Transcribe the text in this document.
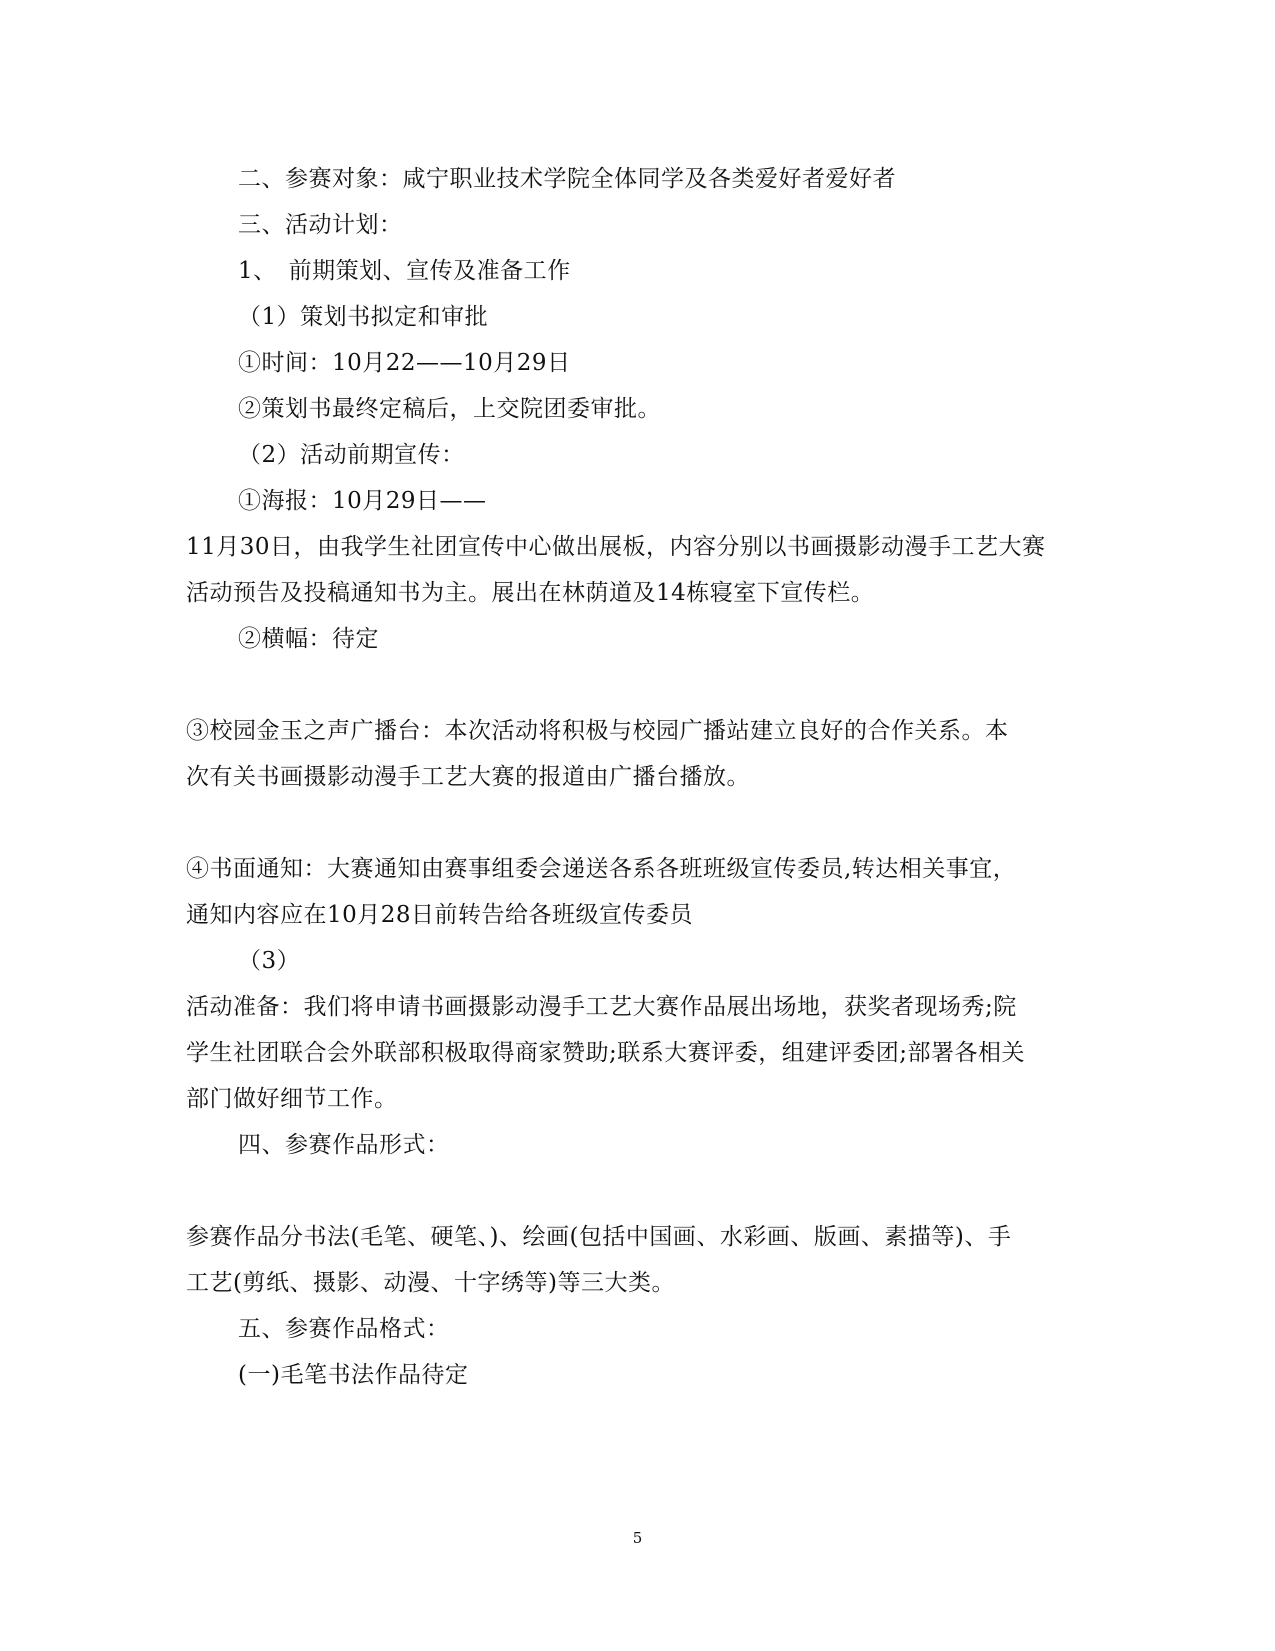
二、参赛对象：咸宁职业技术学院全体同学及各类爱好者爱好者
三、活动计划：
1、　前期策划、宣传及准备工作
（1）策划书拟定和审批
①时间：10月22——10月29日
②策划书最终定稿后，上交院团委审批。
（2）活动前期宣传：
①海报：10月29日——
11月30日，由我学生社团宣传中心做出展板，内容分别以书画摄影动漫手工艺大赛
活动预告及投稿通知书为主。展出在林荫道及14栋寝室下宣传栏。
②横幅：待定
③校园金玉之声广播台：本次活动将积极与校园广播站建立良好的合作关系。本
次有关书画摄影动漫手工艺大赛的报道由广播台播放。
④书面通知：大赛通知由赛事组委会递送各系各班班级宣传委员,转达相关事宜，
通知内容应在10月28日前转告给各班级宣传委员
（3）
活动准备：我们将申请书画摄影动漫手工艺大赛作品展出场地，获奖者现场秀;院
学生社团联合会外联部积极取得商家赞助;联系大赛评委，组建评委团;部署各相关
部门做好细节工作。
四、参赛作品形式：
参赛作品分书法(毛笔、硬笔、)、绘画(包括中国画、水彩画、版画、素描等)、手
工艺(剪纸、摄影、动漫、十字绣等)等三大类。
五、参赛作品格式：
(一)毛笔书法作品待定
5
